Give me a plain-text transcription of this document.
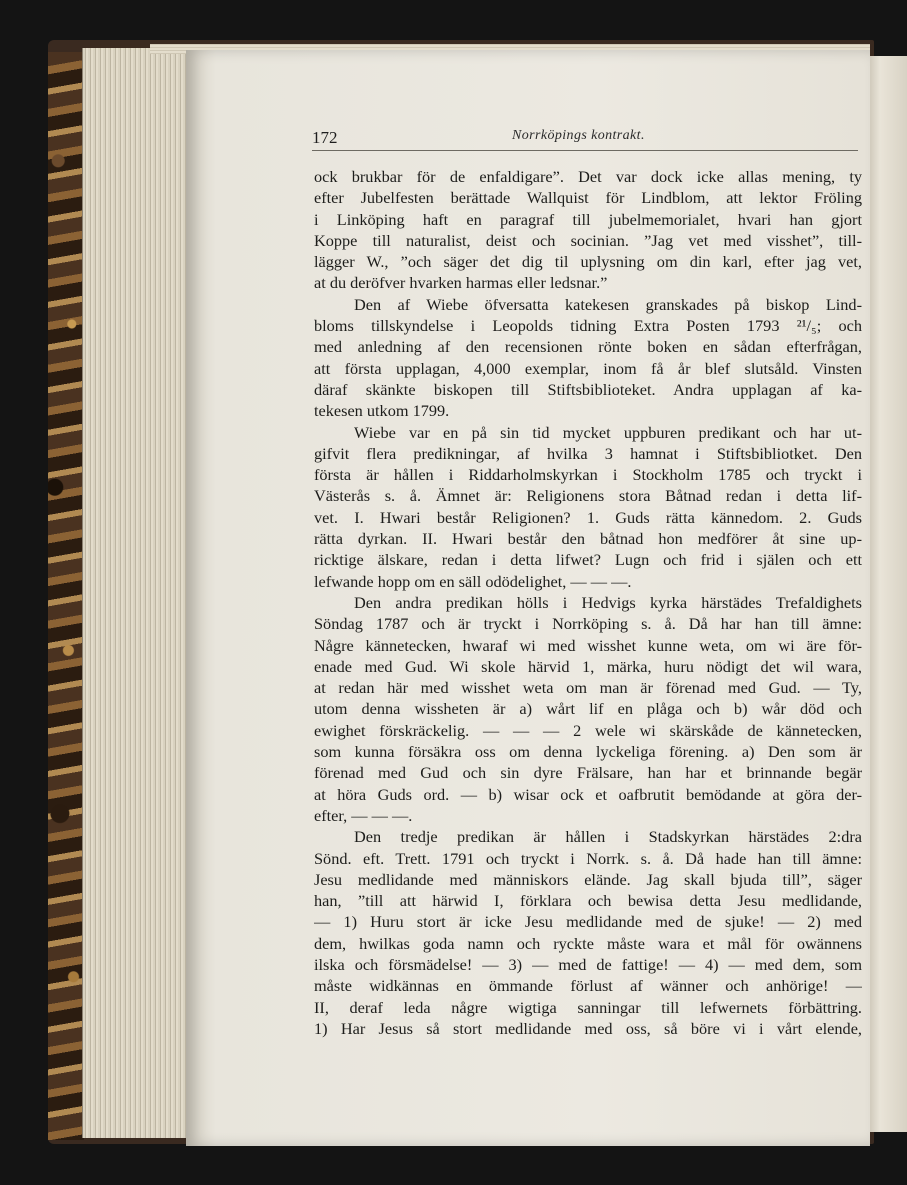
172	Norrköpings kontrakt.
ock brukbar för de enfaldigare”. Det var dock icke allas mening, ty
efter Jubelfesten berättade Wallquist för Lindblom, att lektor Fröling
i Linköping haft en paragraf till jubelmemorialet, hvari han gjort
Koppe till naturalist, deist och socinian. ”Jag vet med visshet”, till-
lägger W., ”och säger det dig til uplysning om din karl, efter jag vet,
at du deröfver hvarken harmas eller ledsnar.”
Den af Wiebe öfversatta katekesen granskades på biskop Lind-
bloms tillskyndelse i Leopolds tidning Extra Posten 1793 ²¹/₅; och
med anledning af den recensionen rönte boken en sådan efterfrågan,
att första upplagan, 4,000 exemplar, inom få år blef slutsåld. Vinsten
däraf skänkte biskopen till Stiftsbiblioteket. Andra upplagan af ka-
tekesen utkom 1799.
Wiebe var en på sin tid mycket uppburen predikant och har ut-
gifvit flera predikningar, af hvilka 3 hamnat i Stiftsbibliotket. Den
första är hållen i Riddarholmskyrkan i Stockholm 1785 och tryckt i
Västerås s. å. Ämnet är: Religionens stora Båtnad redan i detta lif-
vet. I. Hwari består Religionen? 1. Guds rätta kännedom. 2. Guds
rätta dyrkan. II. Hwari består den båtnad hon medförer åt sine up-
ricktige älskare, redan i detta lifwet? Lugn och frid i själen och ett
lefwande hopp om en säll odödelighet, — — —.
Den andra predikan hölls i Hedvigs kyrka härstädes Trefaldighets
Söndag 1787 och är tryckt i Norrköping s. å. Då har han till ämne:
Någre kännetecken, hwaraf wi med wisshet kunne weta, om wi äre för-
enade med Gud. Wi skole härvid 1, märka, huru nödigt det wil wara,
at redan här med wisshet weta om man är förenad med Gud. — Ty,
utom denna wissheten är a) wårt lif en plåga och b) wår död och
ewighet förskräckelig. — — — 2 wele wi skärskåde de kännetecken,
som kunna försäkra oss om denna lyckeliga förening. a) Den som är
förenad med Gud och sin dyre Frälsare, han har et brinnande begär
at höra Guds ord. — b) wisar ock et oafbrutit bemödande at göra der-
efter, — — —.
Den tredje predikan är hållen i Stadskyrkan härstädes 2:dra
Sönd. eft. Trett. 1791 och tryckt i Norrk. s. å. Då hade han till ämne:
Jesu medlidande med människors elände. Jag skall bjuda till”, säger
han, ”till att härwid I, förklara och bewisa detta Jesu medlidande,
— 1) Huru stort är icke Jesu medlidande med de sjuke! — 2) med
dem, hwilkas goda namn och ryckte måste wara et mål för owännens
ilska och försmädelse! — 3) — med de fattige! — 4) — med dem, som
måste widkännas en ömmande förlust af wänner och anhörige! —
II, deraf leda någre wigtiga sanningar till lefwernets förbättring.
1) Har Jesus så stort medlidande med oss, så böre vi i vårt elende,
